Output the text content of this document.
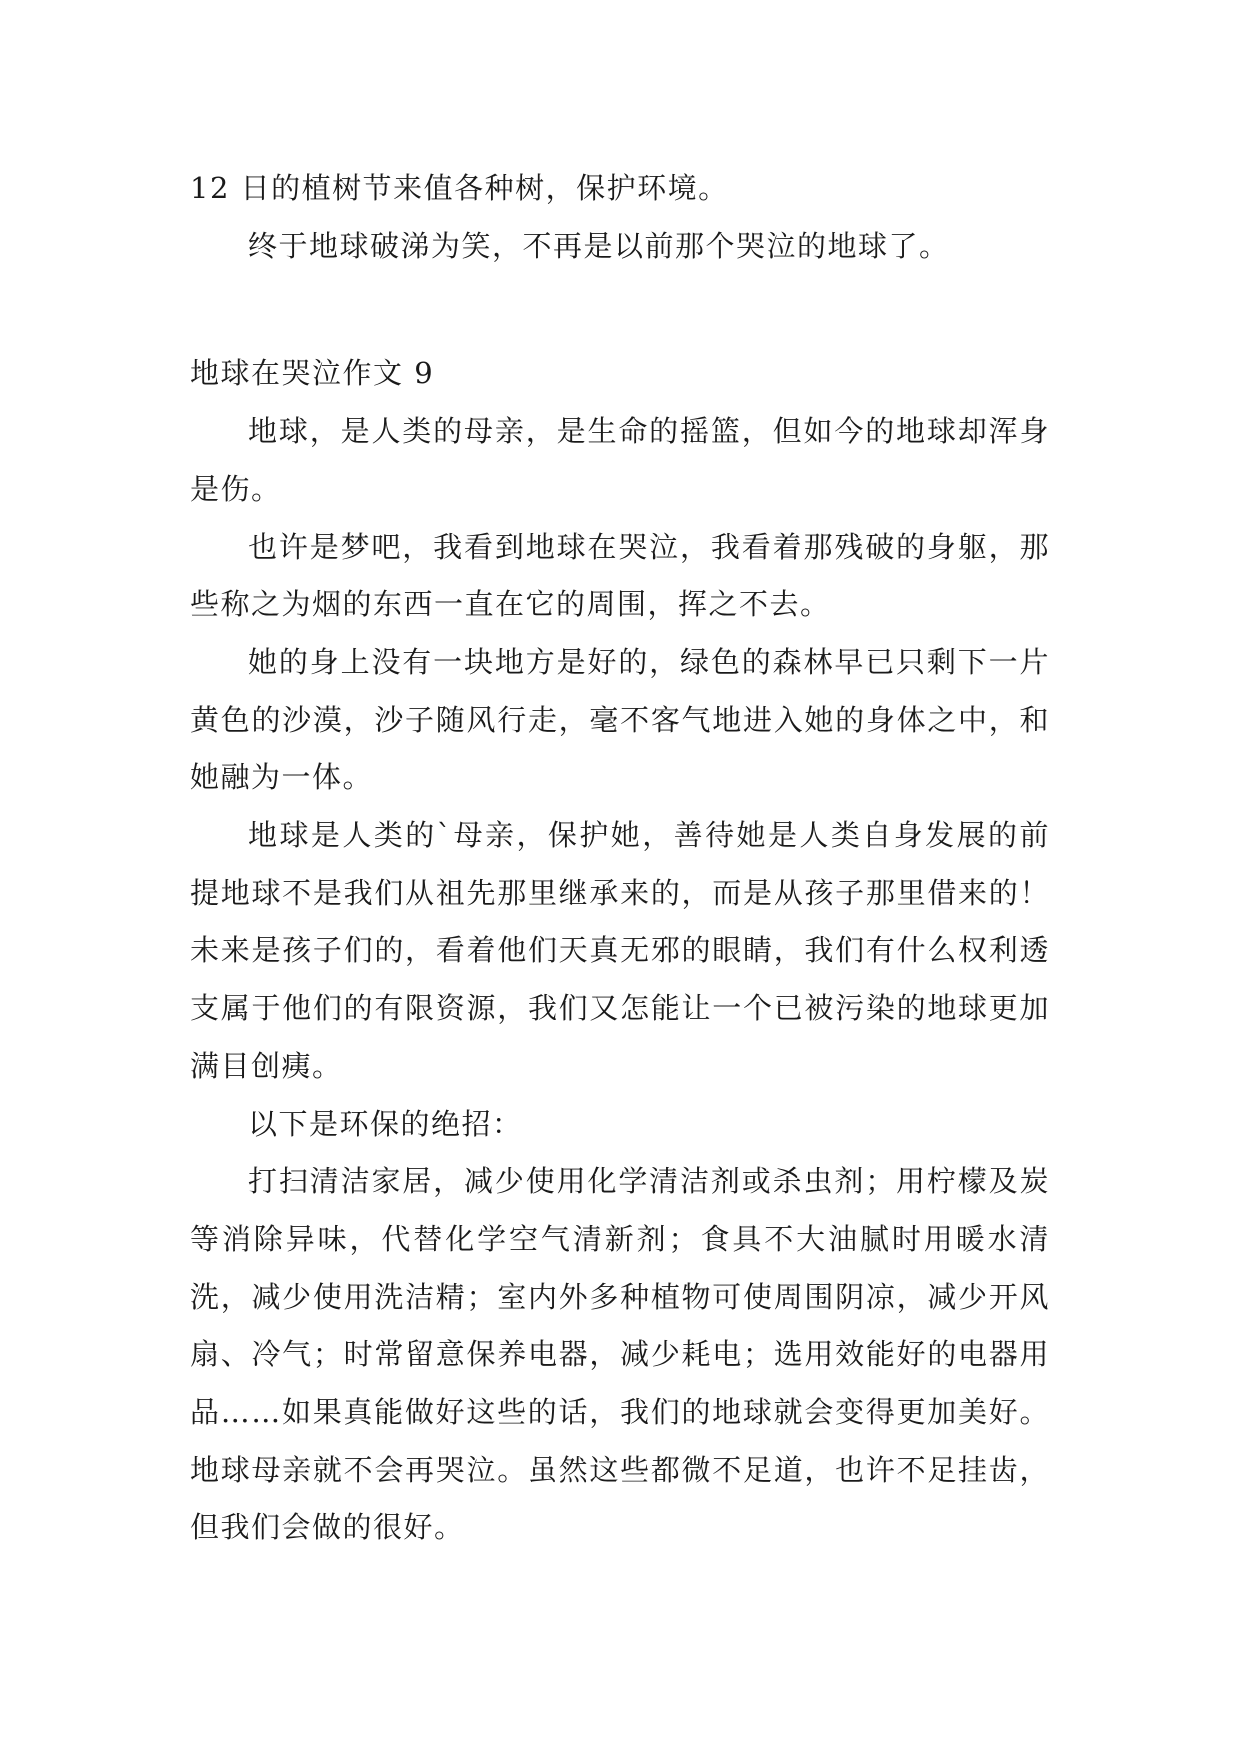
12 日的植树节来值各种树，保护环境。

终于地球破涕为笑，不再是以前那个哭泣的地球了。

地球在哭泣作文 9

地球，是人类的母亲，是生命的摇篮，但如今的地球却浑身是伤。

也许是梦吧，我看到地球在哭泣，我看着那残破的身躯，那些称之为烟的东西一直在它的周围，挥之不去。

她的身上没有一块地方是好的，绿色的森林早已只剩下一片黄色的沙漠，沙子随风行走，毫不客气地进入她的身体之中，和她融为一体。

地球是人类的`母亲，保护她，善待她是人类自身发展的前提地球不是我们从祖先那里继承来的，而是从孩子那里借来的！未来是孩子们的，看着他们天真无邪的眼睛，我们有什么权利透支属于他们的有限资源，我们又怎能让一个已被污染的地球更加满目创痍。

以下是环保的绝招：

打扫清洁家居，减少使用化学清洁剂或杀虫剂；用柠檬及炭等消除异味，代替化学空气清新剂；食具不大油腻时用暖水清洗，减少使用洗洁精；室内外多种植物可使周围阴凉，减少开风扇、冷气；时常留意保养电器，减少耗电；选用效能好的电器用品……如果真能做好这些的话，我们的地球就会变得更加美好。地球母亲就不会再哭泣。虽然这些都微不足道，也许不足挂齿，但我们会做的很好。
